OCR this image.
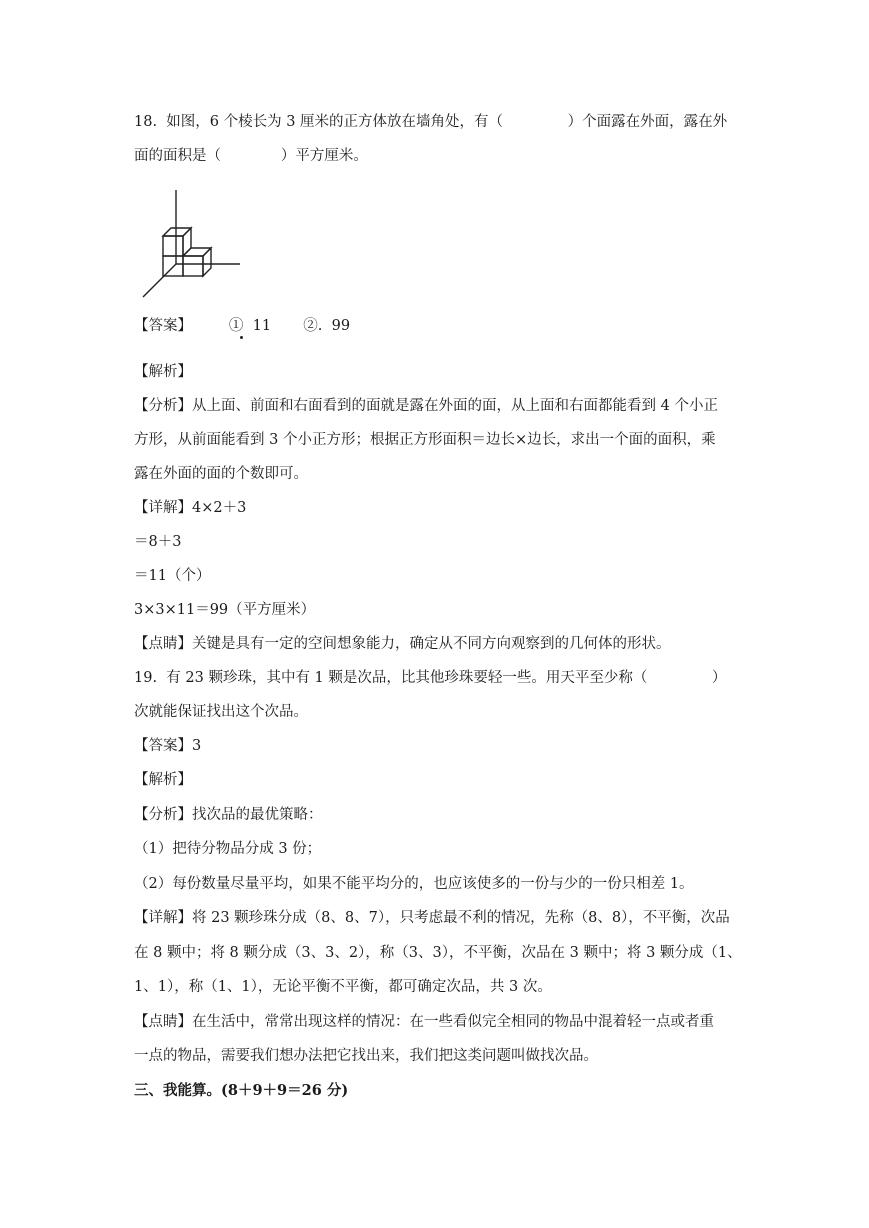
18.  如图，6 个棱长为 3 厘米的正方体放在墙角处，有（              ）个面露在外面，露在外
面的面积是（             ）平方厘米。
【答案】        ①  11       ②.  99
【解析】
【分析】从上面、前面和右面看到的面就是露在外面的面，从上面和右面都能看到 4 个小正
方形，从前面能看到 3 个小正方形；根据正方形面积＝边长×边长，求出一个面的面积，乘
露在外面的面的个数即可。
【详解】4×2＋3
＝8＋3
＝11（个）
3×3×11＝99（平方厘米）
【点睛】关键是具有一定的空间想象能力，确定从不同方向观察到的几何体的形状。
19.  有 23 颗珍珠，其中有 1 颗是次品，比其他珍珠要轻一些。用天平至少称（              ）
次就能保证找出这个次品。
【答案】3
【解析】
【分析】找次品的最优策略：
（1）把待分物品分成 3 份；
（2）每份数量尽量平均，如果不能平均分的，也应该使多的一份与少的一份只相差 1。
【详解】将 23 颗珍珠分成（8、8、7），只考虑最不利的情况，先称（8、8），不平衡，次品
在 8 颗中；将 8 颗分成（3、3、2），称（3、3），不平衡，次品在 3 颗中；将 3 颗分成（1、
1、1），称（1、1），无论平衡不平衡，都可确定次品，共 3 次。
【点睛】在生活中，常常出现这样的情况：在一些看似完全相同的物品中混着轻一点或者重
一点的物品，需要我们想办法把它找出来，我们把这类问题叫做找次品。
三、我能算。(8＋9＋9＝26 分)
